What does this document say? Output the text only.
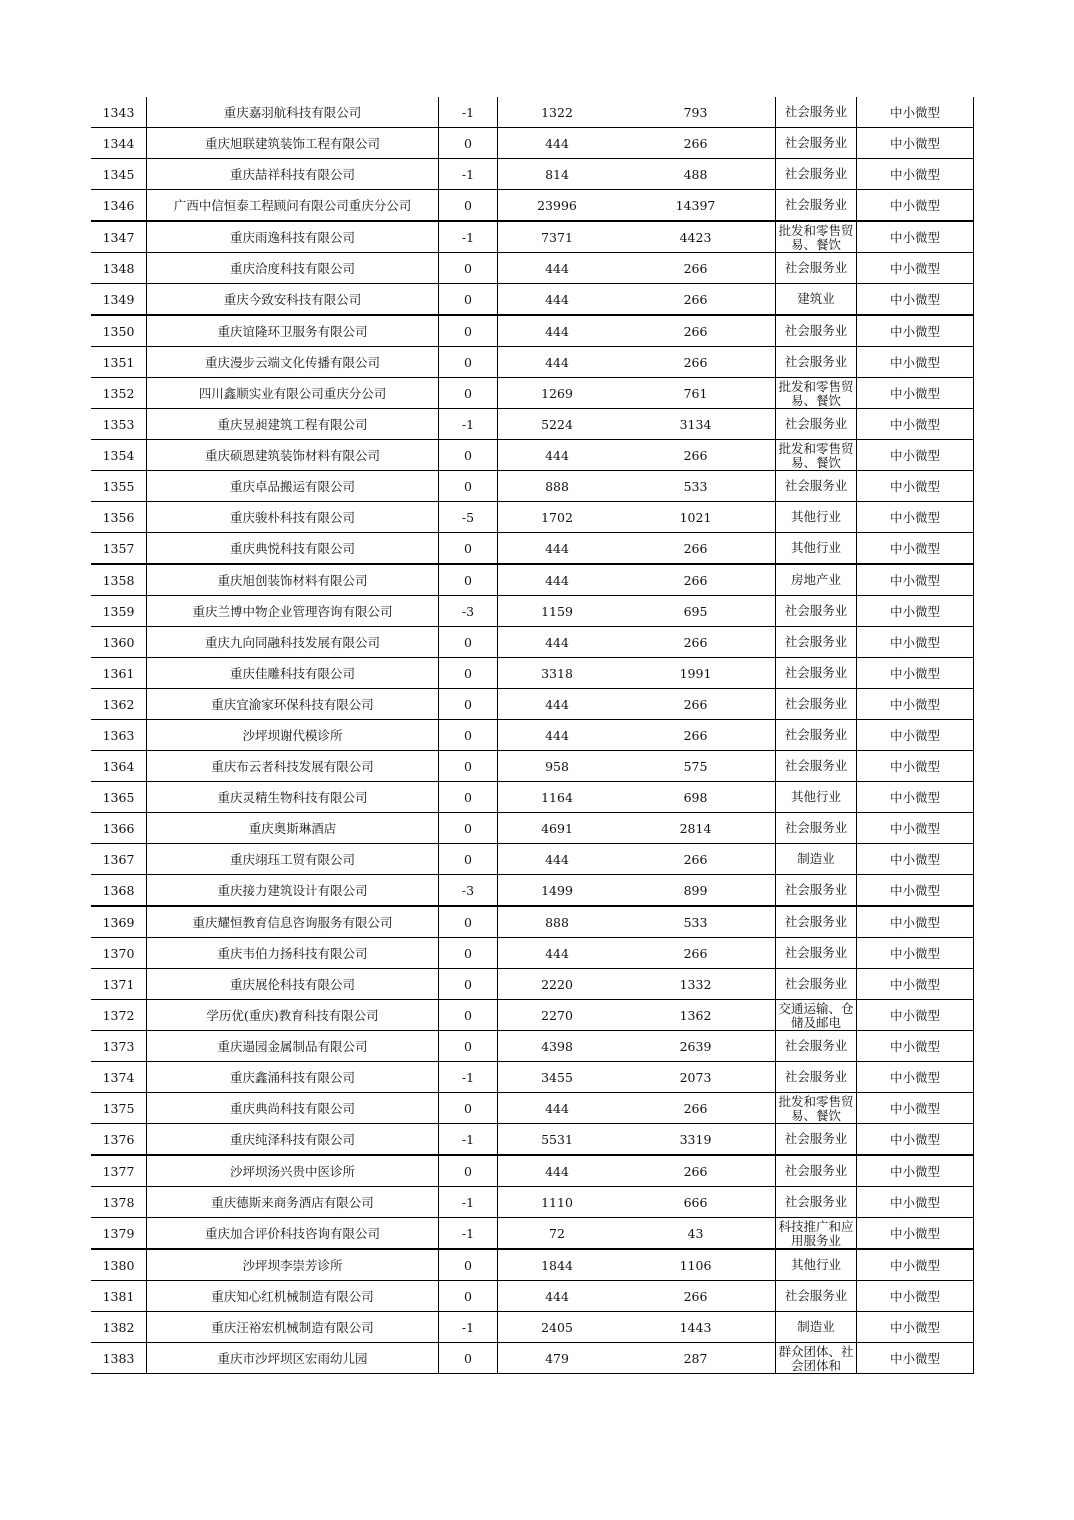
1343	重庆嘉羽航科技有限公司	-1	1322	793	社会服务业	中小微型
1344	重庆旭联建筑装饰工程有限公司	0	444	266	社会服务业	中小微型
1345	重庆喆祥科技有限公司	-1	814	488	社会服务业	中小微型
1346	广西中信恒泰工程顾问有限公司重庆分公司	0	23996	14397	社会服务业	中小微型
1347	重庆雨逸科技有限公司	-1	7371	4423	批发和零售贸易、餐饮	中小微型
1348	重庆洽度科技有限公司	0	444	266	社会服务业	中小微型
1349	重庆今致安科技有限公司	0	444	266	建筑业	中小微型
1350	重庆谊隆环卫服务有限公司	0	444	266	社会服务业	中小微型
1351	重庆漫步云端文化传播有限公司	0	444	266	社会服务业	中小微型
1352	四川鑫顺实业有限公司重庆分公司	0	1269	761	批发和零售贸易、餐饮	中小微型
1353	重庆昱昶建筑工程有限公司	-1	5224	3134	社会服务业	中小微型
1354	重庆硕恩建筑装饰材料有限公司	0	444	266	批发和零售贸易、餐饮	中小微型
1355	重庆卓品搬运有限公司	0	888	533	社会服务业	中小微型
1356	重庆骏朴科技有限公司	-5	1702	1021	其他行业	中小微型
1357	重庆典悦科技有限公司	0	444	266	其他行业	中小微型
1358	重庆旭创装饰材料有限公司	0	444	266	房地产业	中小微型
1359	重庆兰博中物企业管理咨询有限公司	-3	1159	695	社会服务业	中小微型
1360	重庆九向同融科技发展有限公司	0	444	266	社会服务业	中小微型
1361	重庆佳雕科技有限公司	0	3318	1991	社会服务业	中小微型
1362	重庆宜渝家环保科技有限公司	0	444	266	社会服务业	中小微型
1363	沙坪坝谢代模诊所	0	444	266	社会服务业	中小微型
1364	重庆布云者科技发展有限公司	0	958	575	社会服务业	中小微型
1365	重庆灵精生物科技有限公司	0	1164	698	其他行业	中小微型
1366	重庆奥斯琳酒店	0	4691	2814	社会服务业	中小微型
1367	重庆翊珏工贸有限公司	0	444	266	制造业	中小微型
1368	重庆接力建筑设计有限公司	-3	1499	899	社会服务业	中小微型
1369	重庆耀恒教育信息咨询服务有限公司	0	888	533	社会服务业	中小微型
1370	重庆韦伯力扬科技有限公司	0	444	266	社会服务业	中小微型
1371	重庆展伦科技有限公司	0	2220	1332	社会服务业	中小微型
1372	学历优(重庆)教育科技有限公司	0	2270	1362	交通运输、仓储及邮电	中小微型
1373	重庆遢园金属制品有限公司	0	4398	2639	社会服务业	中小微型
1374	重庆鑫涌科技有限公司	-1	3455	2073	社会服务业	中小微型
1375	重庆典尚科技有限公司	0	444	266	批发和零售贸易、餐饮	中小微型
1376	重庆纯泽科技有限公司	-1	5531	3319	社会服务业	中小微型
1377	沙坪坝汤兴贵中医诊所	0	444	266	社会服务业	中小微型
1378	重庆德斯来商务酒店有限公司	-1	1110	666	社会服务业	中小微型
1379	重庆加合评价科技咨询有限公司	-1	72	43	科技推广和应用服务业	中小微型
1380	沙坪坝李崇芳诊所	0	1844	1106	其他行业	中小微型
1381	重庆知心红机械制造有限公司	0	444	266	社会服务业	中小微型
1382	重庆汪裕宏机械制造有限公司	-1	2405	1443	制造业	中小微型
1383	重庆市沙坪坝区宏雨幼儿园	0	479	287	群众团体、社会团体和	中小微型
